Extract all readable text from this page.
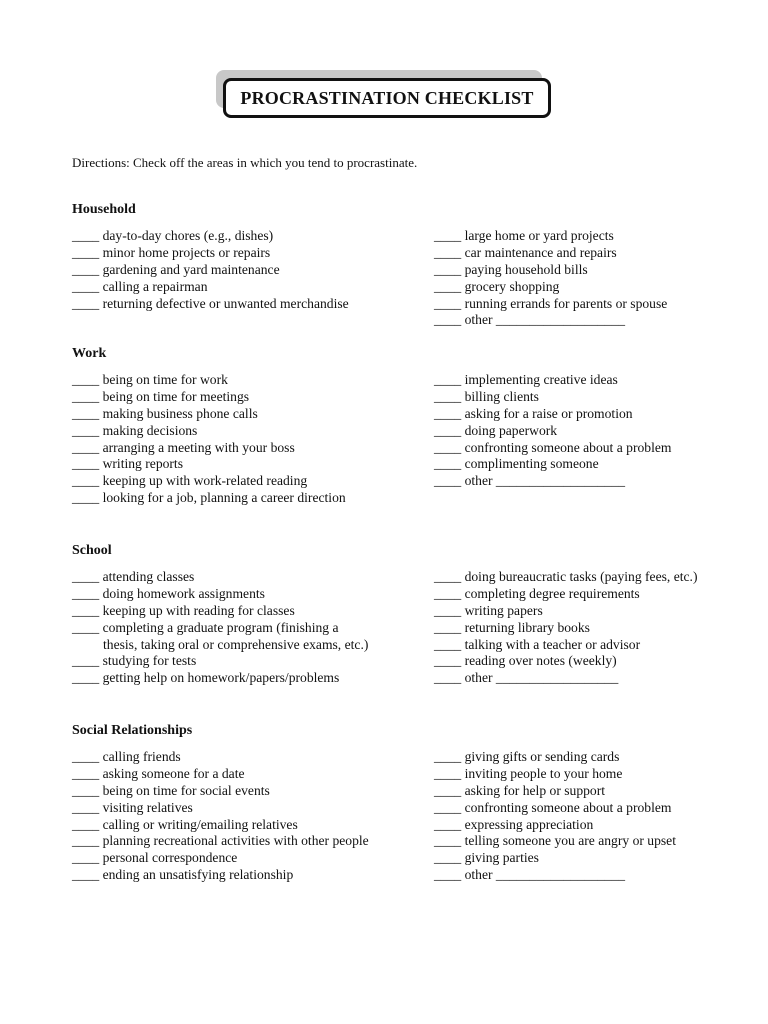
PROCRASTINATION CHECKLIST
Directions: Check off the areas in which you tend to procrastinate.
Household
____ day-to-day chores (e.g., dishes)
____ minor home projects or repairs
____ gardening and yard maintenance
____ calling a repairman
____ returning defective or unwanted merchandise
____ large home or yard projects
____ car maintenance and repairs
____ paying household bills
____ grocery shopping
____ running errands for parents or spouse
____ other ___________________
Work
____ being on time for work
____ being on time for meetings
____ making business phone calls
____ making decisions
____ arranging a meeting with your boss
____ writing reports
____ keeping up with work-related reading
____ looking for a job, planning a career direction
____ implementing creative ideas
____ billing clients
____ asking for a raise or promotion
____ doing paperwork
____ confronting someone about a problem
____ complimenting someone
____ other ___________________
School
____ attending classes
____ doing homework assignments
____ keeping up with reading for classes
____ completing a graduate program (finishing a
thesis, taking oral or comprehensive exams, etc.)
____ studying for tests
____ getting help on homework/papers/problems
____ doing bureaucratic tasks (paying fees, etc.)
____ completing degree requirements
____ writing papers
____ returning library books
____ talking with a teacher or advisor
____ reading over notes (weekly)
____ other __________________
Social Relationships
____ calling friends
____ asking someone for a date
____ being on time for social events
____ visiting relatives
____ calling or writing/emailing relatives
____ planning recreational activities with other people
____ personal correspondence
____ ending an unsatisfying relationship
____ giving gifts or sending cards
____ inviting people to your home
____ asking for help or support
____ confronting someone about a problem
____ expressing appreciation
____ telling someone you are angry or upset
____ giving parties
____ other ___________________
